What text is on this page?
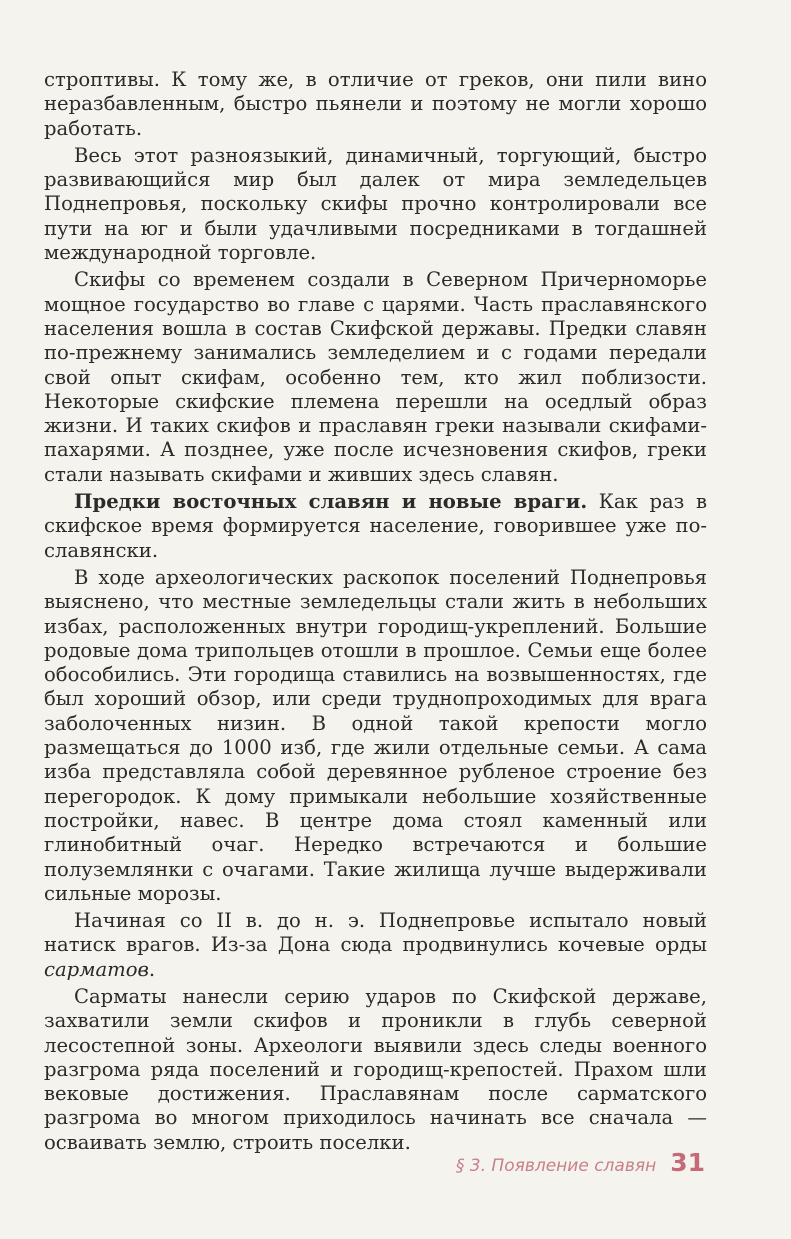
строптивы. К тому же, в отличие от греков, они пили вино неразбавленным, быстро пьянели и поэтому не могли хорошо работать.

Весь этот разноязыкий, динамичный, торгующий, быстро развивающийся мир был далек от мира земледельцев Поднепровья, поскольку скифы прочно контролировали все пути на юг и были удачливыми посредниками в тогдашней международной торговле.

Скифы со временем создали в Северном Причерноморье мощное государство во главе с царями. Часть праславянского населения вошла в состав Скифской державы. Предки славян по-прежнему занимались земледелием и с годами передали свой опыт скифам, особенно тем, кто жил поблизости. Некоторые скифские племена перешли на оседлый образ жизни. И таких скифов и праславян греки называли скифами-пахарями. А позднее, уже после исчезновения скифов, греки стали называть скифами и живших здесь славян.

Предки восточных славян и новые враги. Как раз в скифское время формируется население, говорившее уже по-славянски.

В ходе археологических раскопок поселений Поднепровья выяснено, что местные земледельцы стали жить в небольших избах, расположенных внутри городищ-укреплений. Большие родовые дома трипольцев отошли в прошлое. Семьи еще более обособились. Эти городища ставились на возвышенностях, где был хороший обзор, или среди труднопроходимых для врага заболоченных низин. В одной такой крепости могло размещаться до 1000 изб, где жили отдельные семьи. А сама изба представляла собой деревянное рубленое строение без перегородок. К дому примыкали небольшие хозяйственные постройки, навес. В центре дома стоял каменный или глинобитный очаг. Нередко встречаются и большие полуземлянки с очагами. Такие жилища лучше выдерживали сильные морозы.

Начиная со II в. до н. э. Поднепровье испытало новый натиск врагов. Из-за Дона сюда продвинулись кочевые орды сарматов.

Сарматы нанесли серию ударов по Скифской державе, захватили земли скифов и проникли в глубь северной лесостепной зоны. Археологи выявили здесь следы военного разгрома ряда поселений и городищ-крепостей. Прахом шли вековые достижения. Праславянам после сарматского разгрома во многом приходилось начинать все сначала — осваивать землю, строить поселки.

§ 3. Появление славян 31
